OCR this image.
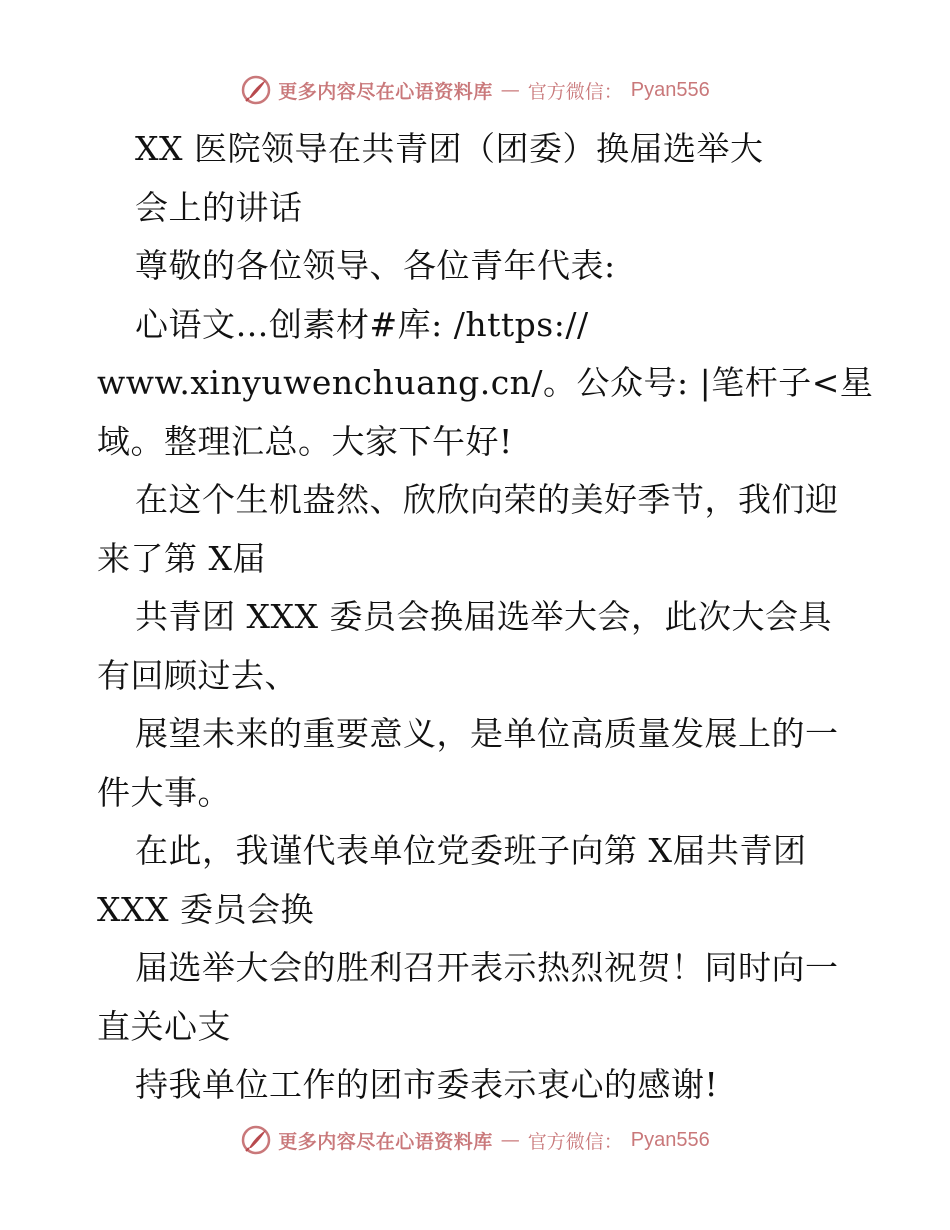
更多内容尽在心语资料库 — 官方微信： Pyan556
XX 医院领导在共青团（团委）换届选举大
会上的讲话
尊敬的各位领导、各位青年代表:
心语文…创素材#库: /https://
www.xinyuwenchuang.cn/。公众号: |笔杆子<星
域。整理汇总。大家下午好!
在这个生机盎然、欣欣向荣的美好季节，我们迎
来了第 X届
共青团 XXX 委员会换届选举大会，此次大会具
有回顾过去、
展望未来的重要意义，是单位高质量发展上的一
件大事。
在此，我谨代表单位党委班子向第 X届共青团
XXX 委员会换
届选举大会的胜利召开表示热烈祝贺！同时向一
直关心支
持我单位工作的团市委表示衷心的感谢!
更多内容尽在心语资料库 — 官方微信： Pyan556
